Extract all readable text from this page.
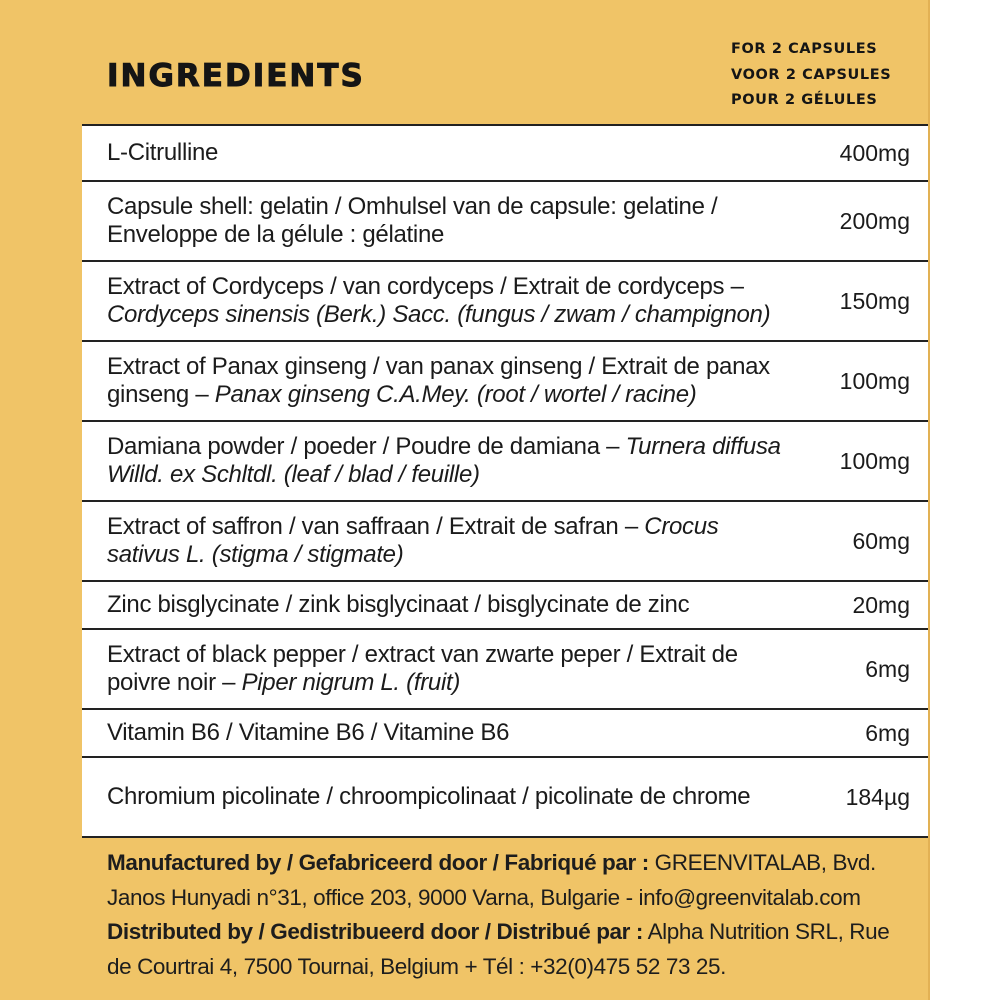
INGREDIENTS
FOR 2 CAPSULES
VOOR 2 CAPSULES
POUR 2 GÉLULES
L-Citrulline	400mg
Capsule shell: gelatin / Omhulsel van de capsule: gelatine / Enveloppe de la gélule : gélatine	200mg
Extract of Cordyceps / van cordyceps / Extrait de cordyceps – Cordyceps sinensis (Berk.) Sacc. (fungus / zwam / champignon)	150mg
Extract of Panax ginseng / van panax ginseng / Extrait de panax ginseng – Panax ginseng C.A.Mey. (root / wortel / racine)	100mg
Damiana powder / poeder / Poudre de damiana – Turnera diffusa Willd. ex Schltdl. (leaf / blad / feuille)	100mg
Extract of saffron / van saffraan / Extrait de safran – Crocus sativus L. (stigma / stigmate)	60mg
Zinc bisglycinate / zink bisglycinaat / bisglycinate de zinc	20mg
Extract of black pepper / extract van zwarte peper / Extrait de poivre noir – Piper nigrum L. (fruit)	6mg
Vitamin B6 / Vitamine B6 / Vitamine B6	6mg
Chromium picolinate / chroompicolinaat / picolinate de chrome	184µg
Manufactured by / Gefabriceerd door / Fabriqué par : GREENVITALAB, Bvd. Janos Hunyadi n°31, office 203, 9000 Varna, Bulgarie - info@greenvitalab.com
Distributed by / Gedistribueerd door / Distribué par : Alpha Nutrition SRL, Rue de Courtrai 4, 7500 Tournai, Belgium + Tél : +32(0)475 52 73 25.
